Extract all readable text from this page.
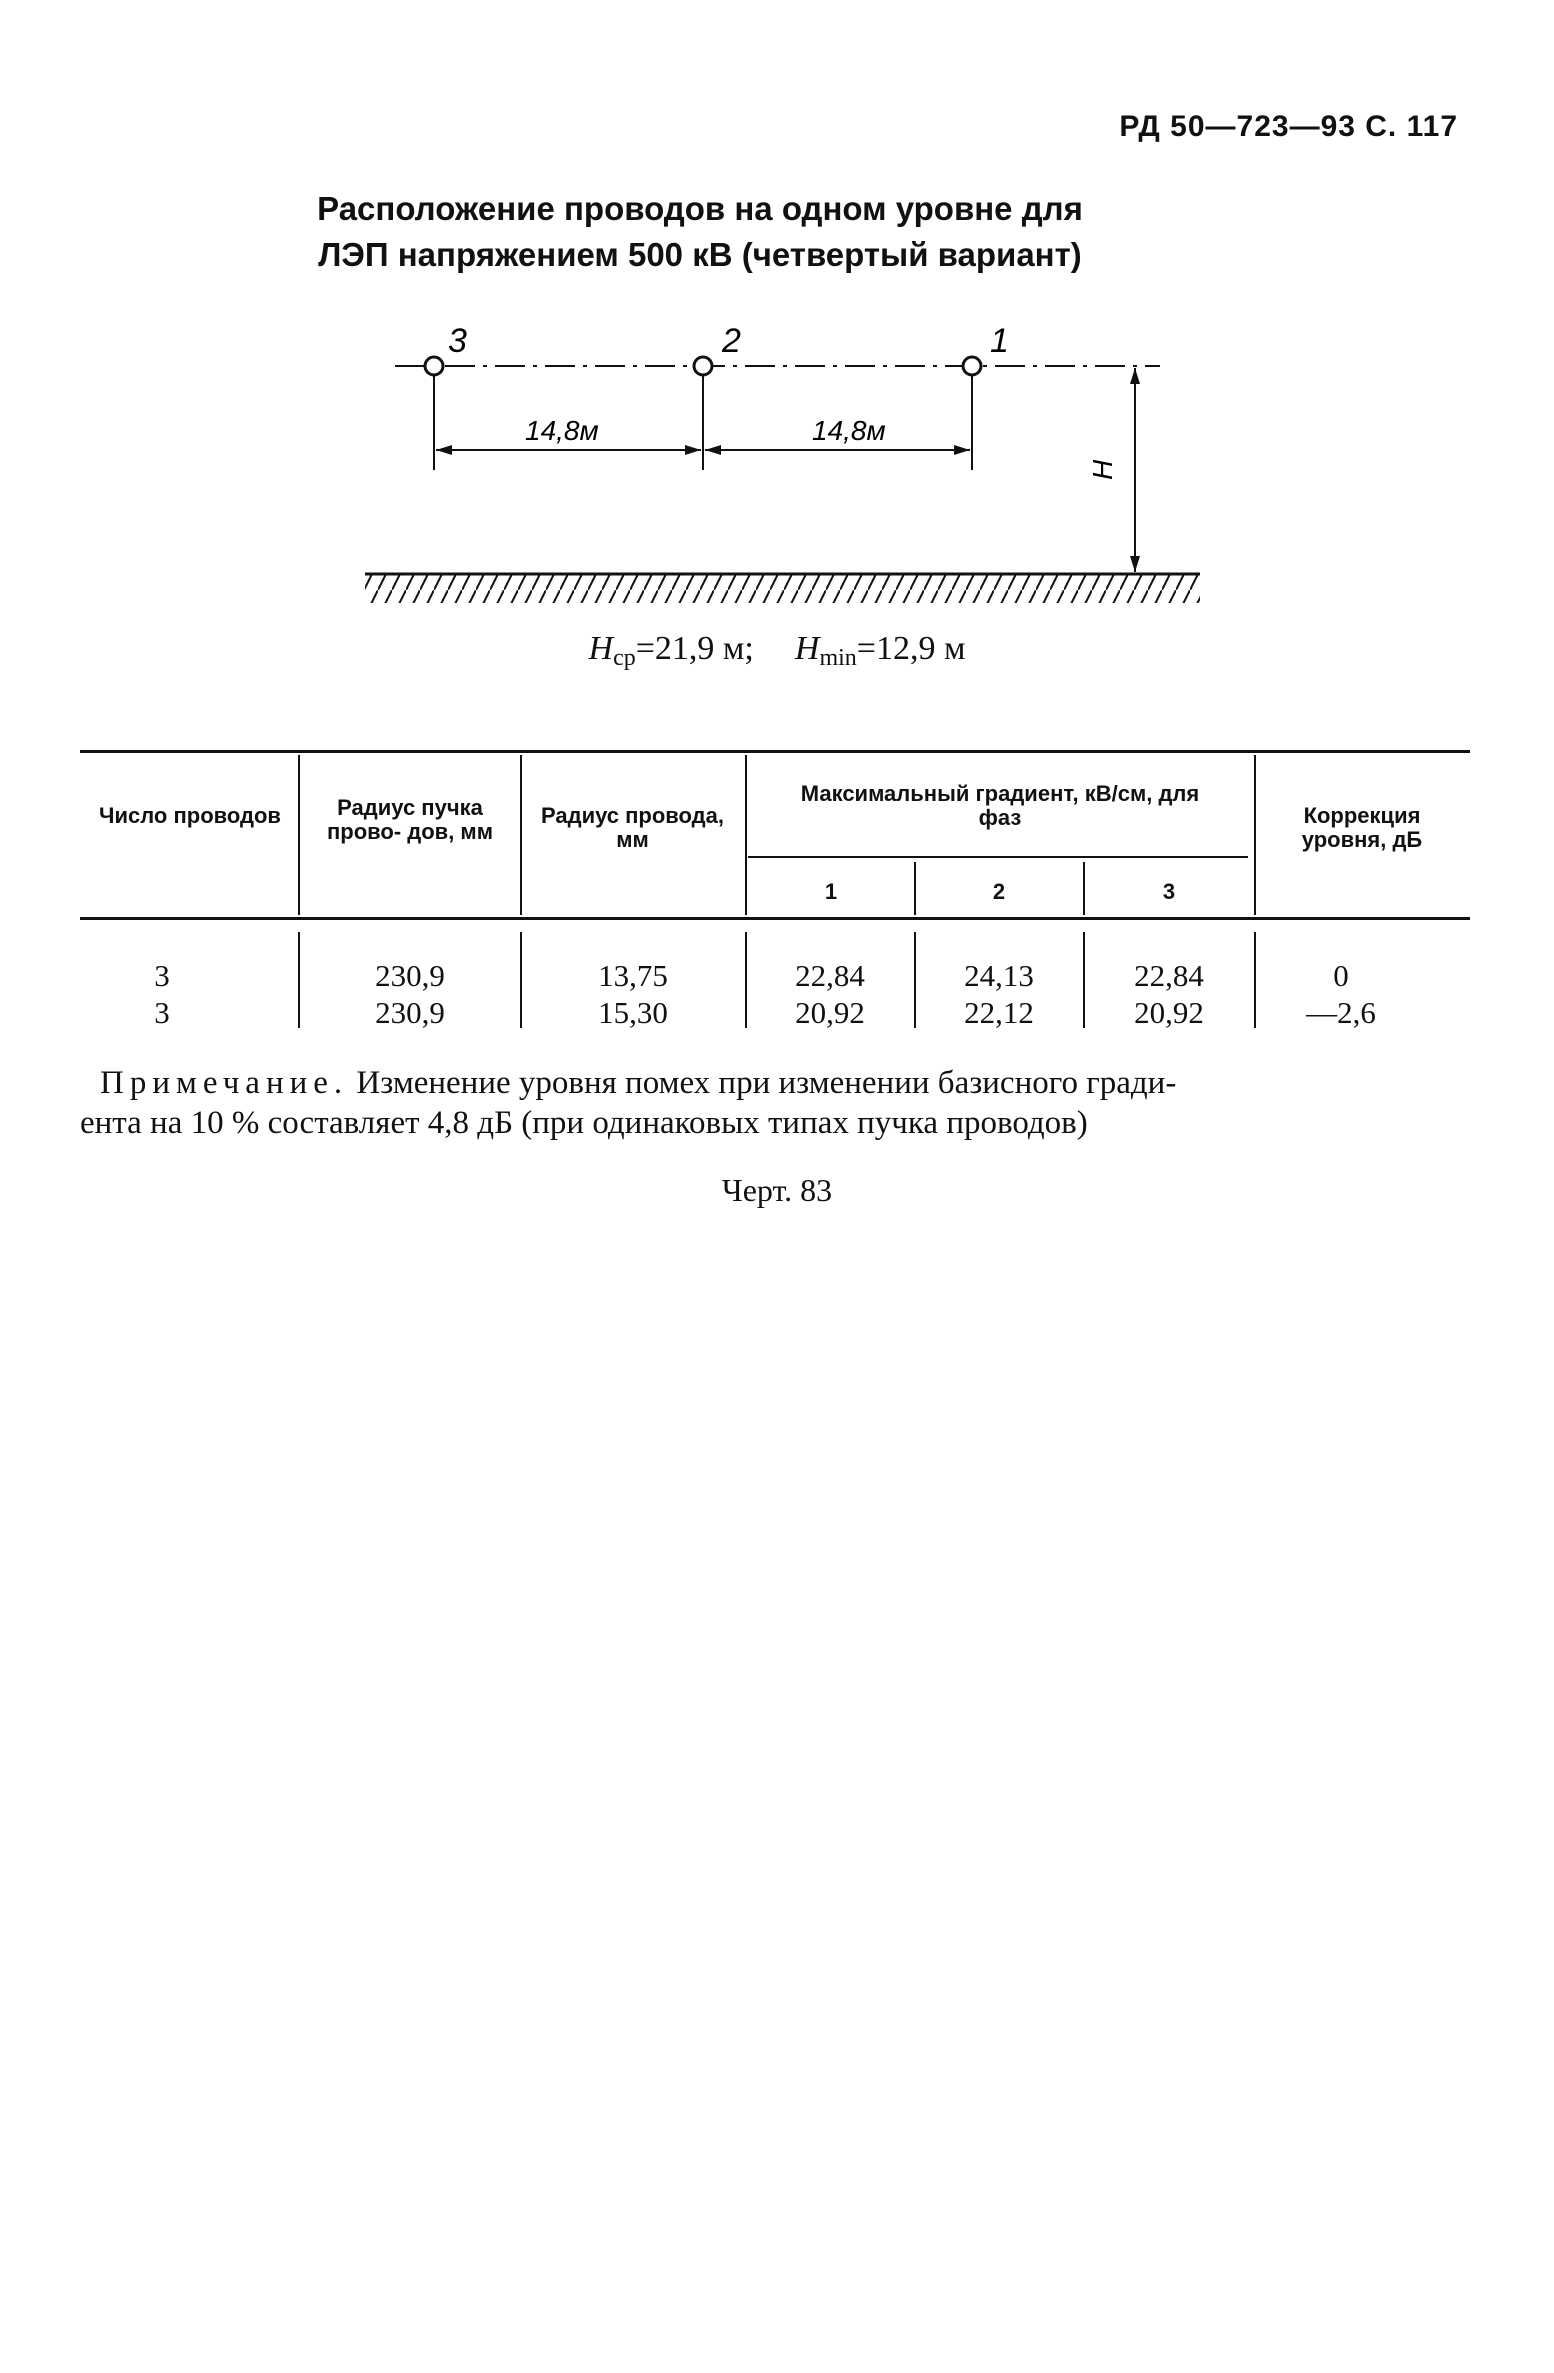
РД 50—723—93 С. 117
Расположение проводов на одном уровне для
ЛЭП напряжением 500 кВ (четвертый вариант)
3	2	1
14,8м	14,8м
Н
$Н_{ср}=21,9$ м; $Н_{min}=12,9$ м
Число проводов	Радиус пучка прово- дов, мм
Радиус провода, мм
Максимальный градиент, кВ/см, для фаз
1	2	3
Коррекция уровня, дБ
3	230,9	13,75	22,84	24,13	22,84	0
3	230,9	15,30	20,92	22,12	20,92	—2,6
Примечание. Изменение уровня помех при изменении базисного гради-
ента на 10 % составляет 4,8 дБ (при одинаковых типах пучка проводов)
Черт. 83
